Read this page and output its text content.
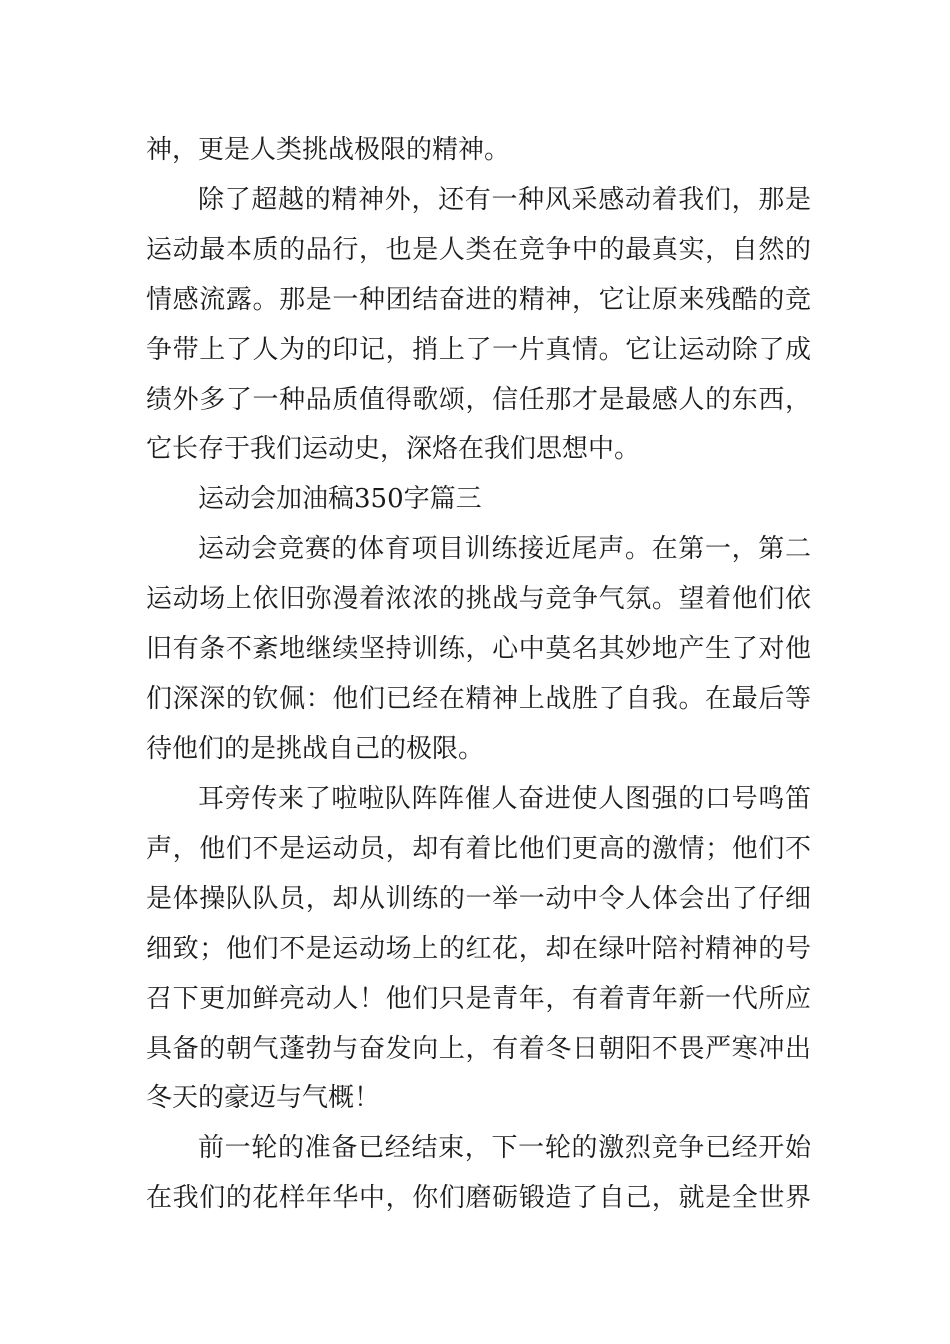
神，更是人类挑战极限的精神。
除了超越的精神外，还有一种风采感动着我们，那是
运动最本质的品行，也是人类在竞争中的最真实，自然的
情感流露。那是一种团结奋进的精神，它让原来残酷的竞
争带上了人为的印记，捎上了一片真情。它让运动除了成
绩外多了一种品质值得歌颂，信任那才是最感人的东西，
它长存于我们运动史，深烙在我们思想中。
运动会加油稿350字篇三
运动会竞赛的体育项目训练接近尾声。在第一，第二
运动场上依旧弥漫着浓浓的挑战与竞争气氛。望着他们依
旧有条不紊地继续坚持训练，心中莫名其妙地产生了对他
们深深的钦佩：他们已经在精神上战胜了自我。在最后等
待他们的是挑战自己的极限。
耳旁传来了啦啦队阵阵催人奋进使人图强的口号鸣笛
声，他们不是运动员，却有着比他们更高的激情；他们不
是体操队队员，却从训练的一举一动中令人体会出了仔细
细致；他们不是运动场上的红花，却在绿叶陪衬精神的号
召下更加鲜亮动人！他们只是青年，有着青年新一代所应
具备的朝气蓬勃与奋发向上，有着冬日朝阳不畏严寒冲出
冬天的豪迈与气概！
前一轮的准备已经结束，下一轮的激烈竞争已经开始
在我们的花样年华中，你们磨砺锻造了自己，就是全世界
